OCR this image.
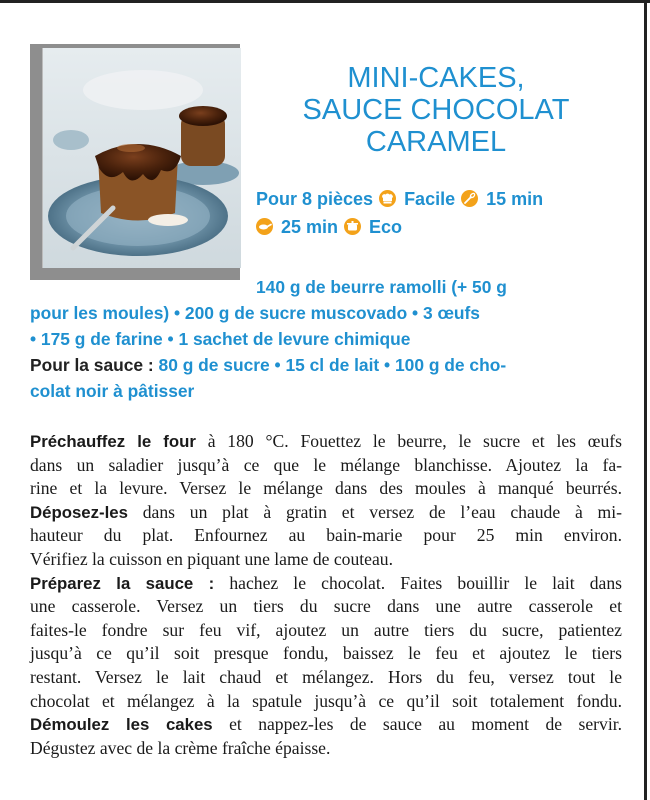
MINI-CAKES,
SAUCE CHOCOLAT
CARAMEL
Pour 8 pièces Facile 15 min
25 min Eco
140 g de beurre ramolli (+ 50 g
pour les moules) • 200 g de sucre muscovado • 3 œufs
• 175 g de farine • 1 sachet de levure chimique
Pour la sauce : 80 g de sucre • 15 cl de lait • 100 g de cho-
colat noir à pâtisser
Préchauffez le four à 180 °C. Fouettez le beurre, le sucre et les œufs
dans un saladier jusqu’à ce que le mélange blanchisse. Ajoutez la fa-
rine et la levure. Versez le mélange dans des moules à manqué beurrés.
Déposez-les dans un plat à gratin et versez de l’eau chaude à mi-
hauteur du plat. Enfournez au bain-marie pour 25 min environ.
Vérifiez la cuisson en piquant une lame de couteau.
Préparez la sauce : hachez le chocolat. Faites bouillir le lait dans
une casserole. Versez un tiers du sucre dans une autre casserole et
faites-le fondre sur feu vif, ajoutez un autre tiers du sucre, patientez
jusqu’à ce qu’il soit presque fondu, baissez le feu et ajoutez le tiers
restant. Versez le lait chaud et mélangez. Hors du feu, versez tout le
chocolat et mélangez à la spatule jusqu’à ce qu’il soit totalement fondu.
Démoulez les cakes et nappez-les de sauce au moment de servir.
Dégustez avec de la crème fraîche épaisse.
